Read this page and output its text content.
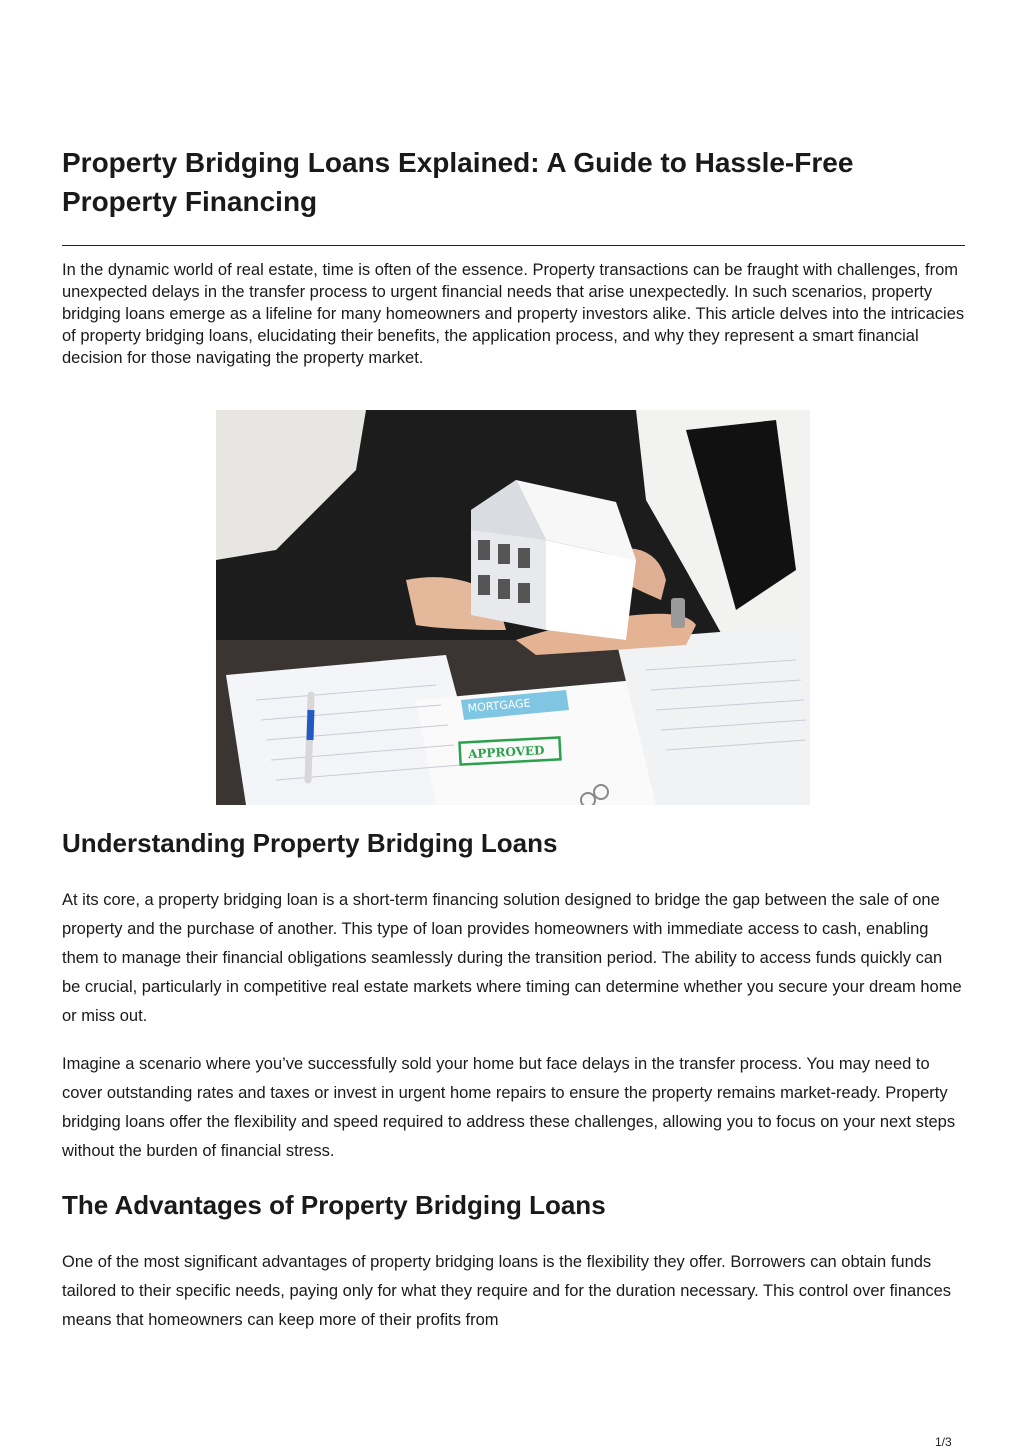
Property Bridging Loans Explained: A Guide to Hassle-Free Property Financing

In the dynamic world of real estate, time is often of the essence. Property transactions can be fraught with challenges, from unexpected delays in the transfer process to urgent financial needs that arise unexpectedly. In such scenarios, property bridging loans emerge as a lifeline for many homeowners and property investors alike. This article delves into the intricacies of property bridging loans, elucidating their benefits, the application process, and why they represent a smart financial decision for those navigating the property market.

MORTGAGE
APPROVED
Understanding Property Bridging Loans

At its core, a property bridging loan is a short-term financing solution designed to bridge the gap between the sale of one property and the purchase of another. This type of loan provides homeowners with immediate access to cash, enabling them to manage their financial obligations seamlessly during the transition period. The ability to access funds quickly can be crucial, particularly in competitive real estate markets where timing can determine whether you secure your dream home or miss out.

Imagine a scenario where you’ve successfully sold your home but face delays in the transfer process. You may need to cover outstanding rates and taxes or invest in urgent home repairs to ensure the property remains market-ready. Property bridging loans offer the flexibility and speed required to address these challenges, allowing you to focus on your next steps without the burden of financial stress.

The Advantages of Property Bridging Loans

One of the most significant advantages of property bridging loans is the flexibility they offer. Borrowers can obtain funds tailored to their specific needs, paying only for what they require and for the duration necessary. This control over finances means that homeowners can keep more of their profits from

1/3
